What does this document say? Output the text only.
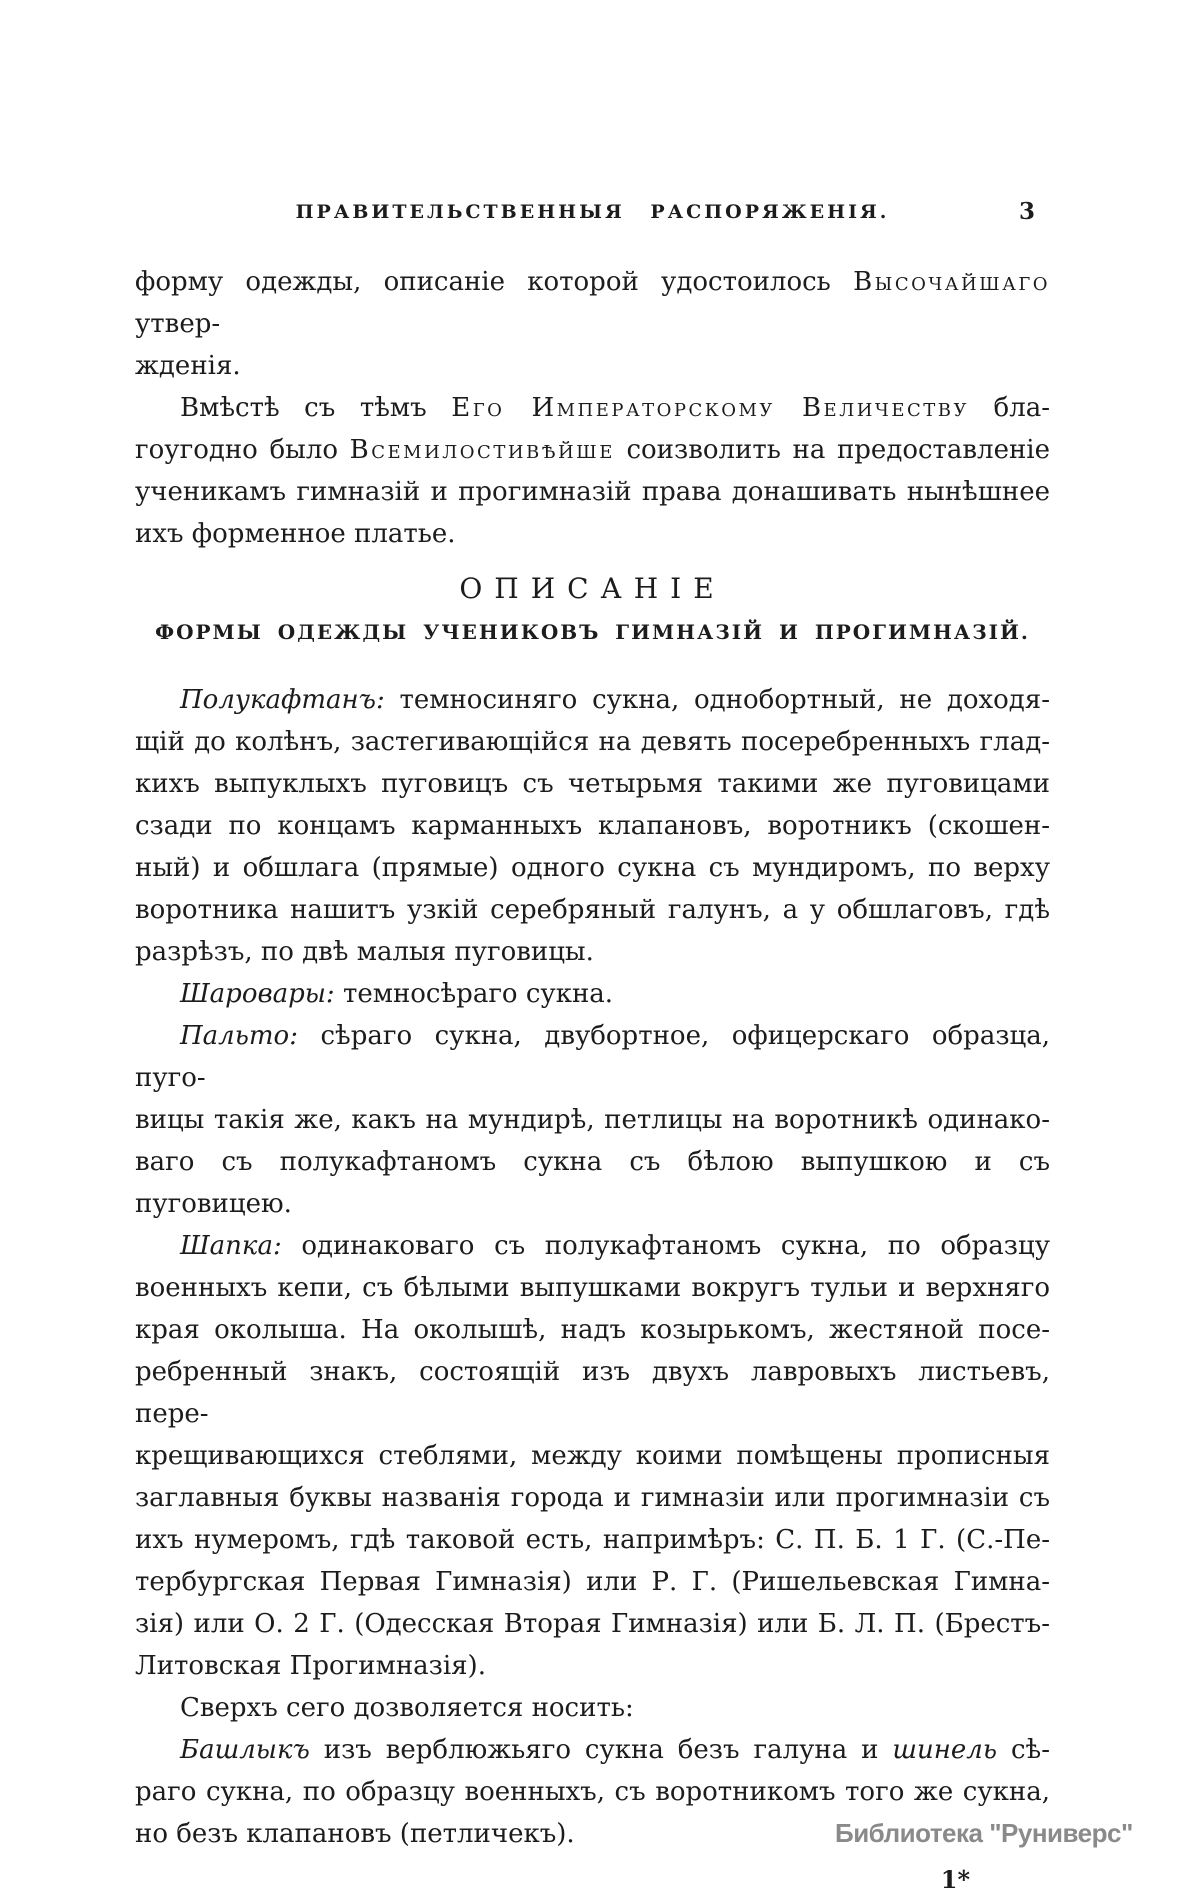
ПРАВИТЕЛЬСТВЕННЫЯ РАСПОРЯЖЕНІЯ.	3
форму одежды, описаніе которой удостоилось Высочайшаго утвер-
жденія.
Вмѣстѣ съ тѣмъ Его Императорскому Величеству бла-
гоугодно было Всемилостивѣйше соизволить на предоставленіе
ученикамъ гимназій и прогимназій права донашивать нынѣшнее
ихъ форменное платье.
ОПИСАНІЕ
ФОРМЫ ОДЕЖДЫ УЧЕНИКОВЪ ГИМНАЗІЙ И ПРОГИМНАЗІЙ.
Полукафтанъ: темносиняго сукна, однобортный, не доходя-
щій до колѣнъ, застегивающійся на девять посеребренныхъ глад-
кихъ выпуклыхъ пуговицъ съ четырьмя такими же пуговицами
сзади по концамъ карманныхъ клапановъ, воротникъ (скошен-
ный) и обшлага (прямые) одного сукна съ мундиромъ, по верху
воротника нашитъ узкій серебряный галунъ, а у обшлаговъ, гдѣ
разрѣзъ, по двѣ малыя пуговицы.
Шаровары: темносѣраго сукна.
Пальто: сѣраго сукна, двубортное, офицерскаго образца, пуго-
вицы такія же, какъ на мундирѣ, петлицы на воротникѣ одинако-
ваго съ полукафтаномъ сукна съ бѣлою выпушкою и съ пуговицею.
Шапка: одинаковаго съ полукафтаномъ сукна, по образцу
военныхъ кепи, съ бѣлыми выпушками вокругъ тульи и верхняго
края околыша. На околышѣ, надъ козырькомъ, жестяной посе-
ребренный знакъ, состоящій изъ двухъ лавровыхъ листьевъ, пере-
крещивающихся стеблями, между коими помѣщены прописныя
заглавныя буквы названія города и гимназіи или прогимназіи съ
ихъ нумеромъ, гдѣ таковой есть, напримѣръ: С. П. Б. 1 Г. (С.-Пе-
тербургская Первая Гимназія) или Р. Г. (Ришельевская Гимна-
зія) или О. 2 Г. (Одесская Вторая Гимназія) или Б. Л. П. (Брестъ-
Литовская Прогимназія).
Сверхъ сего дозволяется носить:
Башлыкъ изъ верблюжьяго сукна безъ галуна и шинель сѣ-
раго сукна, по образцу военныхъ, съ воротникомъ того же сукна,
но безъ клапановъ (петличекъ).
1*
Библиотека "Руниверс"
